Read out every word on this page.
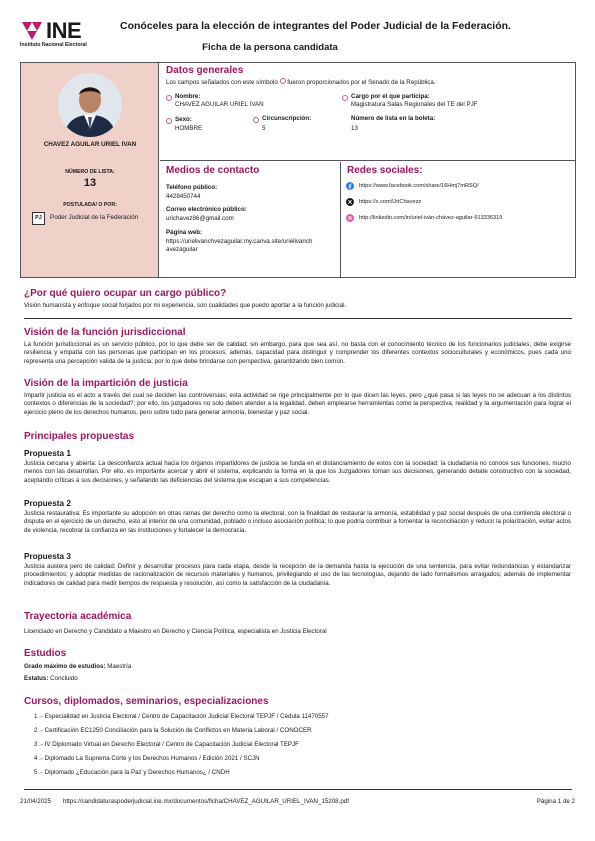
INE
Instituto Nacional Electoral
Conóceles para la elección de integrantes del Poder Judicial de la Federación.
Ficha de la persona candidata
CHAVEZ AGUILAR URIEL IVAN
NÚMERO DE LISTA:
13
POSTULADA/ O POR:
PJ	Poder Judicial de la Federación
Datos generales
Los campos señalados con este símbolo fueron proporcionados por el Senado de la República.
Nombre:
CHAVEZ AGUILAR URIEL IVAN
Cargo por el que participa:
Magistratura Salas Regionales del TE del PJF
Sexo:
HOMBRE
Circunscripción:
5
Número de lista en la boleta:
13
Medios de contacto
Teléfono público:
4428450744
Correo electrónico público:
urichavez86@gmail.com
Página web:
https://urielivanchvezaguilar.my.canva.site/urielivanch
avezaguilar
Redes sociales:
https://www.facebook.com/share/16Hmj7mRSQ/
https://x.com/UriChavezz
http://linkedin.com/in/uriel-iván-chávez-aguilar-913336319
¿Por qué quiero ocupar un cargo público?
Visión humanista y enfoque social forjados por mi experiencia, son cualidades que puedo aportar a la función judicial.
Visión de la función jurisdiccional
La función jurisdiccional es un servicio público, por lo que debe ser de calidad; sin embargo, para que sea así, no basta con el conocimiento técnico de los funcionarios judiciales; debe exigirse resiliencia y empatía con las personas que participan en los procesos; además, capacidad para distinguir y comprender los diferentes contextos socioculturales y económicos, pues cada uno representa una percepción valida de la justicia; por lo que debe brindarse con perspectiva, garantizando bien común.
Visión de la impartición de justicia
Impartir justicia es el acto a través del cual se deciden las controversias; esta actividad se rige principalmente por lo que dicen las leyes, pero ¿qué pasa si las leyes no se adecuan a los distintos contextos o diferencias de la sociedad?; por ello, los juzgadores no solo deben atender a la legalidad, deben emplearse herramientas como la perspectiva, realidad y la argumentación para lograr el ejercicio pleno de los derechos humanos, pero sobre todo para generar armonía, bienestar y paz social.
Principales propuestas
Propuesta 1
Justicia cercana y abierta: La desconfianza actual hacia los órganos impartidores de justicia se funda en el distanciamiento de estos con la sociedad; la ciudadanía no conoce sus funciones, mucho menos con las desarrollan. Por ello, es importante acercar y abrir el sistema, explicando la forma en la que los Juzgadores toman sus decisiones, generando debate constructivo con la sociedad, aceptando críticas a sus decisiones, y señalando las deficiencias del sistema que escapan a sus competencias.
Propuesta 2
Justicia restaurativa: Es importante su adopción en otras ramas del derecho como la electoral, con la finalidad de restaurar la armonía, estabilidad y paz social después de una contienda electoral o disputa en el ejercicio de un derecho, esto al interior de una comunidad, poblado o incluso asociación política; lo que podría contribuir a fomentar la reconciliación y reducir la polarización, evitar actos de violencia, recobrar la confianza en las instituciones y fortalecer la democracia.
Propuesta 3
Justicia austera pero de calidad: Definir y desarrollar procesos para cada etapa, desde la recepción de la demanda hasta la ejecución de una sentencia, para evitar redundancias y estandarizar procedimientos; y adoptar medidas de racionalización de recursos materiales y humanos, privilegiando el uso de las tecnologías, dejando de lado formalismos arraigados; además de implementar indicadores de calidad para medir tiempos de respuesta y resolución, así como la satisfacción de la ciudadanía.
Trayectoria académica
Licenciado en Derecho y Candidato a Maestro en Derecho y Ciencia Política, especialista en Justicia Electoral
Estudios
Grado máximo de estudios: Maestría
Estatus: Concluido
Cursos, diplomados, seminarios, especializaciones
1 .- Especialidad en Justicia Electoral / Centro de Capacitación Judicial Electoral TEPJF / Cédula 11470557
2 .- Certificación EC1250 Conciliación para la Solución de Conflictos en Materia Laboral / CONOCER
3 .- IV Diplomado Virtual en Derecho Electoral / Centro de Capacitación Judicial Electoral TEPJF
4 .- Diplomado La Suprema Corte y los Derechos Humanos / Edición 2021 / SCJN
5 .- Diplomado ¿Educación para la Paz y Derechos Humanos¿ / CNDH
21/04/2025 https://candidaturaspoderjudicial.ine.mx/documentos/ficha/CHAVEZ_AGUILAR_URIEL_IVAN_15208.pdf	Página 1 de 2
